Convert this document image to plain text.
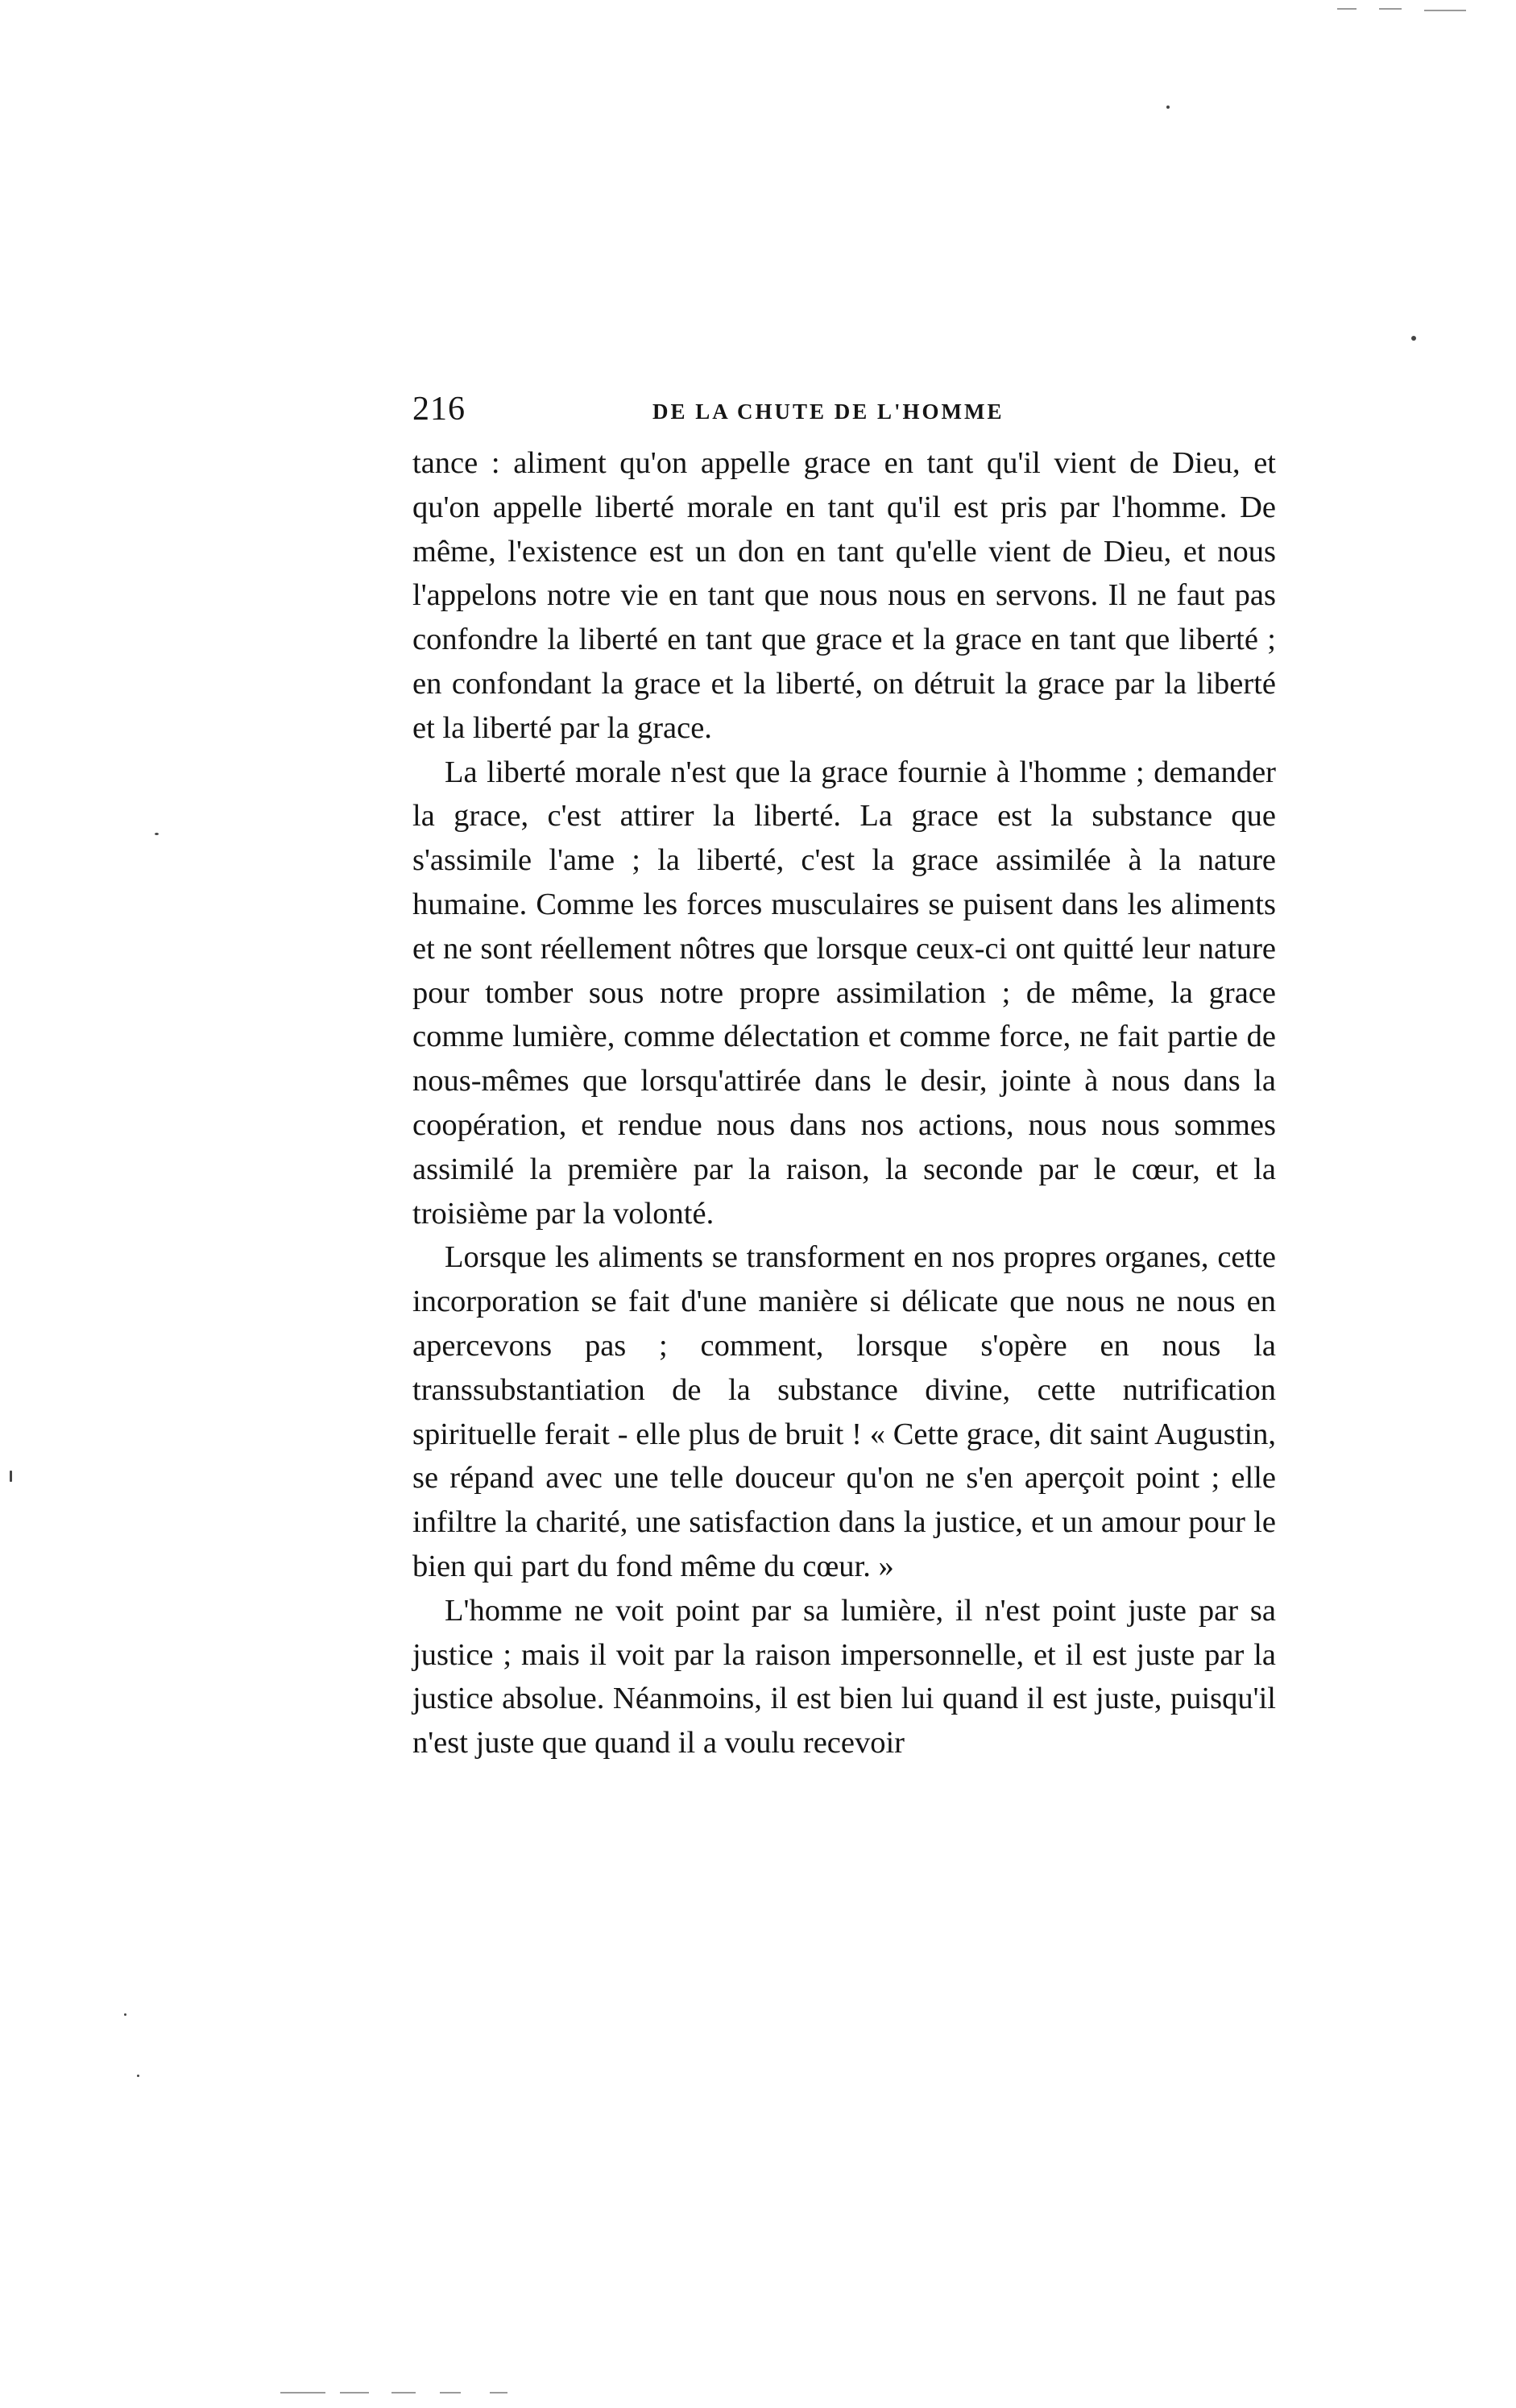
216	DE LA CHUTE DE L'HOMME

tance : aliment qu'on appelle grace en tant qu'il vient de Dieu, et qu'on appelle liberté morale en tant qu'il est pris par l'homme. De même, l'existence est un don en tant qu'elle vient de Dieu, et nous l'appelons notre vie en tant que nous nous en servons. Il ne faut pas confondre la liberté en tant que grace et la grace en tant que liberté ; en confondant la grace et la liberté, on détruit la grace par la liberté et la liberté par la grace.

La liberté morale n'est que la grace fournie à l'homme ; demander la grace, c'est attirer la liberté. La grace est la substance que s'assimile l'ame ; la liberté, c'est la grace assimilée à la nature humaine. Comme les forces musculaires se puisent dans les aliments et ne sont réellement nôtres que lorsque ceux-ci ont quitté leur nature pour tomber sous notre propre assimilation ; de même, la grace comme lumière, comme délectation et comme force, ne fait partie de nous-mêmes que lorsqu'attirée dans le desir, jointe à nous dans la coopération, et rendue nous dans nos actions, nous nous sommes assimilé la première par la raison, la seconde par le cœur, et la troisième par la volonté.

Lorsque les aliments se transforment en nos propres organes, cette incorporation se fait d'une manière si délicate que nous ne nous en apercevons pas ; comment, lorsque s'opère en nous la transsubstantiation de la substance divine, cette nutrification spirituelle ferait - elle plus de bruit ! « Cette grace, dit saint Augustin, se répand avec une telle douceur qu'on ne s'en aperçoit point ; elle infiltre la charité, une satisfaction dans la justice, et un amour pour le bien qui part du fond même du cœur. »

L'homme ne voit point par sa lumière, il n'est point juste par sa justice ; mais il voit par la raison impersonnelle, et il est juste par la justice absolue. Néanmoins, il est bien lui quand il est juste, puisqu'il n'est juste que quand il a voulu recevoir
